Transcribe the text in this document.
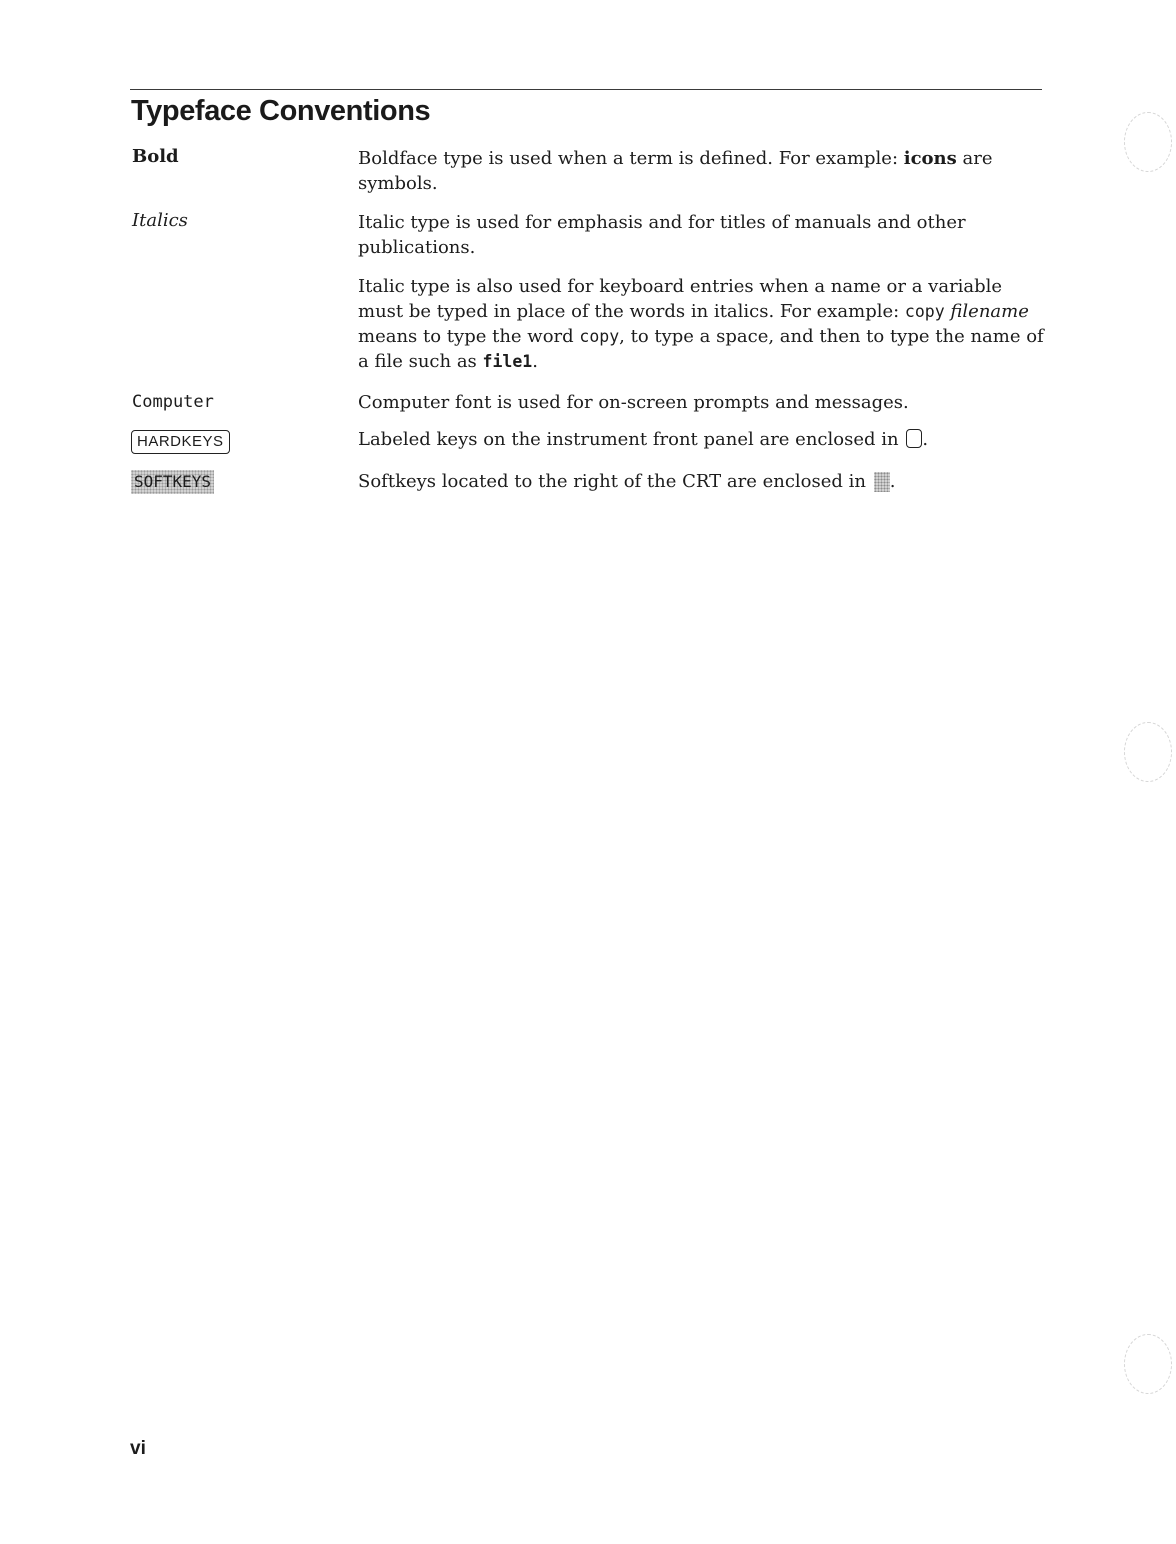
Typeface Conventions
Bold	Boldface type is used when a term is defined. For example: icons are symbols.

Italics	Italic type is used for emphasis and for titles of manuals and other publications.

Italic type is also used for keyboard entries when a name or a variable must be typed in place of the words in italics. For example: copy filename means to type the word copy, to type a space, and then to type the name of a file such as file1.

Computer	Computer font is used for on-screen prompts and messages.

HARDKEYS	Labeled keys on the instrument front panel are enclosed in .

SOFTKEYS	Softkeys located to the right of the CRT are enclosed in .

vi
